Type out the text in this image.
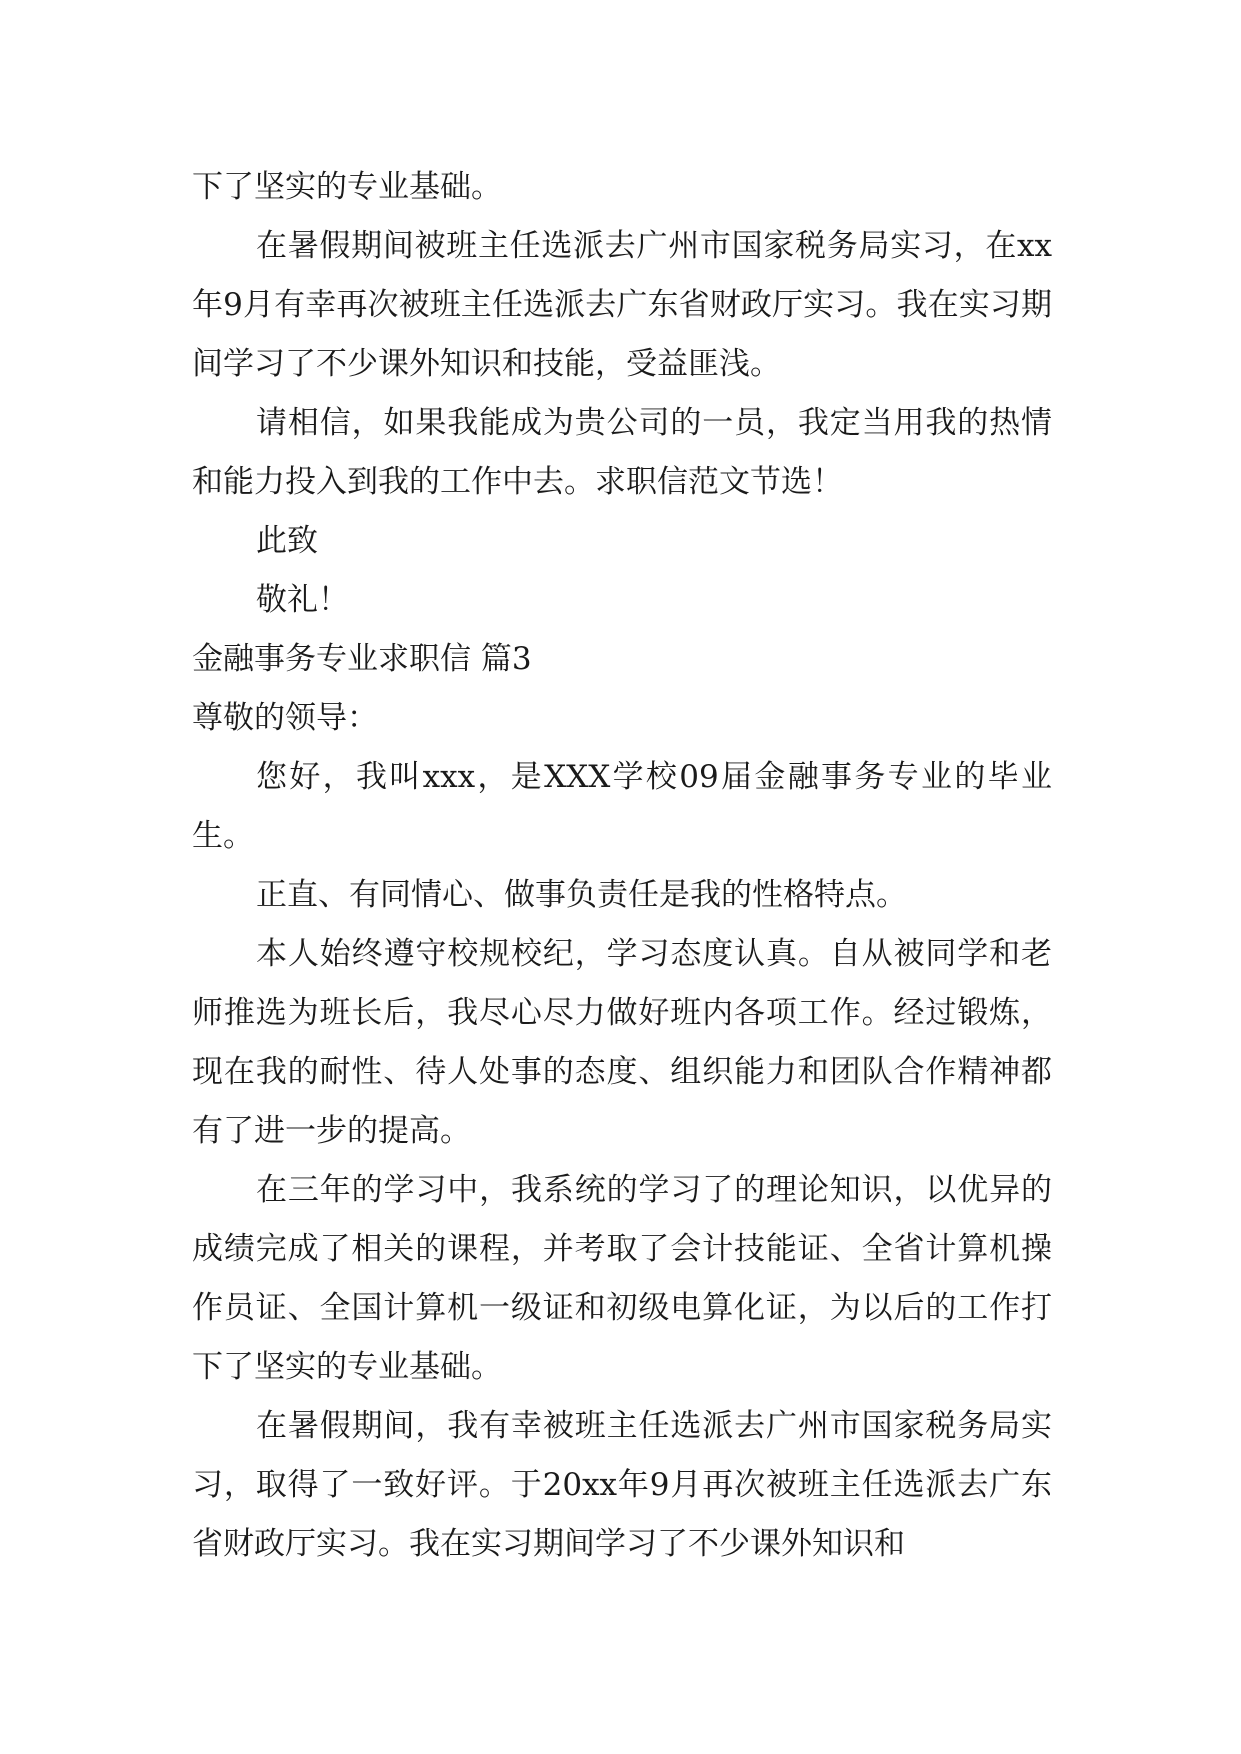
下了坚实的专业基础。

在暑假期间被班主任选派去广州市国家税务局实习，在xx年9月有幸再次被班主任选派去广东省财政厅实习。我在实习期间学习了不少课外知识和技能，受益匪浅。

请相信，如果我能成为贵公司的一员，我定当用我的热情和能力投入到我的工作中去。求职信范文节选！

此致

敬礼！

金融事务专业求职信 篇3

尊敬的领导：

您好，我叫xxx，是XXX学校09届金融事务专业的毕业生。

正直、有同情心、做事负责任是我的性格特点。

本人始终遵守校规校纪，学习态度认真。自从被同学和老师推选为班长后，我尽心尽力做好班内各项工作。经过锻炼，现在我的耐性、待人处事的态度、组织能力和团队合作精神都有了进一步的提高。

在三年的学习中，我系统的学习了的理论知识，以优异的成绩完成了相关的课程，并考取了会计技能证、全省计算机操作员证、全国计算机一级证和初级电算化证，为以后的工作打下了坚实的专业基础。

在暑假期间，我有幸被班主任选派去广州市国家税务局实习，取得了一致好评。于20xx年9月再次被班主任选派去广东省财政厅实习。我在实习期间学习了不少课外知识和
